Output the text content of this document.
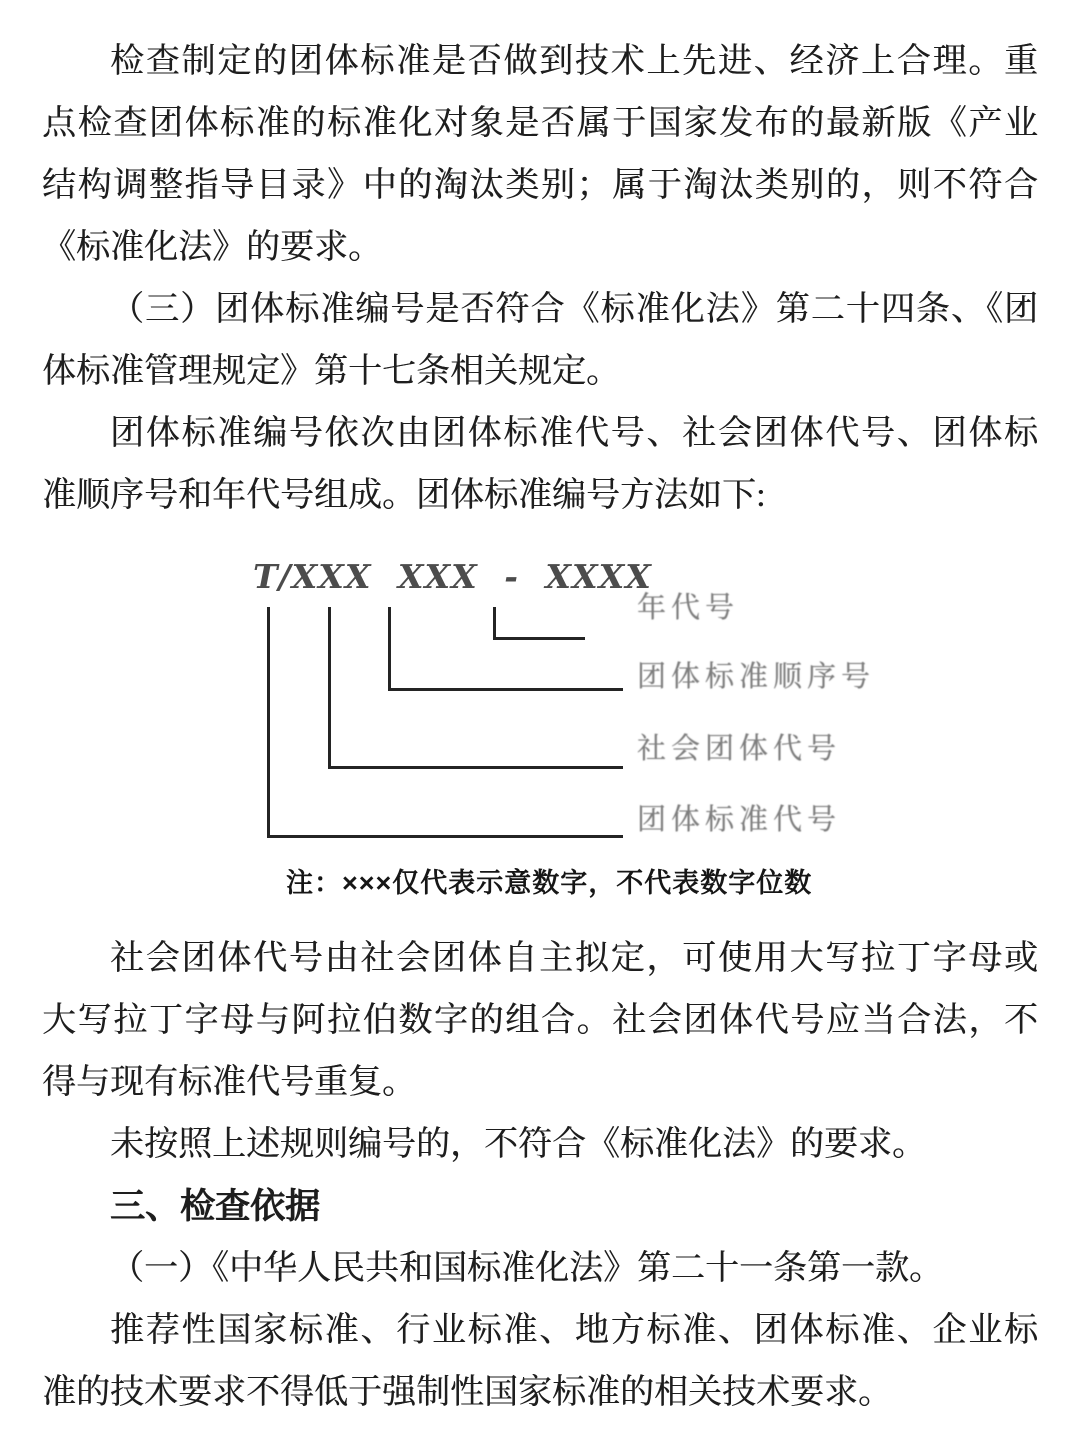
检查制定的团体标准是否做到技术上先进、经济上合理。重
点检查团体标准的标准化对象是否属于国家发布的最新版《产业
结构调整指导目录》中的淘汰类别；属于淘汰类别的，则不符合
《标准化法》的要求。
（三）团体标准编号是否符合《标准化法》第二十四条、《团
体标准管理规定》第十七条相关规定。
团体标准编号依次由团体标准代号、社会团体代号、团体标
准顺序号和年代号组成。团体标准编号方法如下:
T/XXX XXX - XXXX
年代号
团体标准顺序号
社会团体代号
团体标准代号
注：×××仅代表示意数字，不代表数字位数
社会团体代号由社会团体自主拟定，可使用大写拉丁字母或
大写拉丁字母与阿拉伯数字的组合。社会团体代号应当合法，不
得与现有标准代号重复。
未按照上述规则编号的，不符合《标准化法》的要求。
三、检查依据
（一）《中华人民共和国标准化法》第二十一条第一款。
推荐性国家标准、行业标准、地方标准、团体标准、企业标
准的技术要求不得低于强制性国家标准的相关技术要求。
